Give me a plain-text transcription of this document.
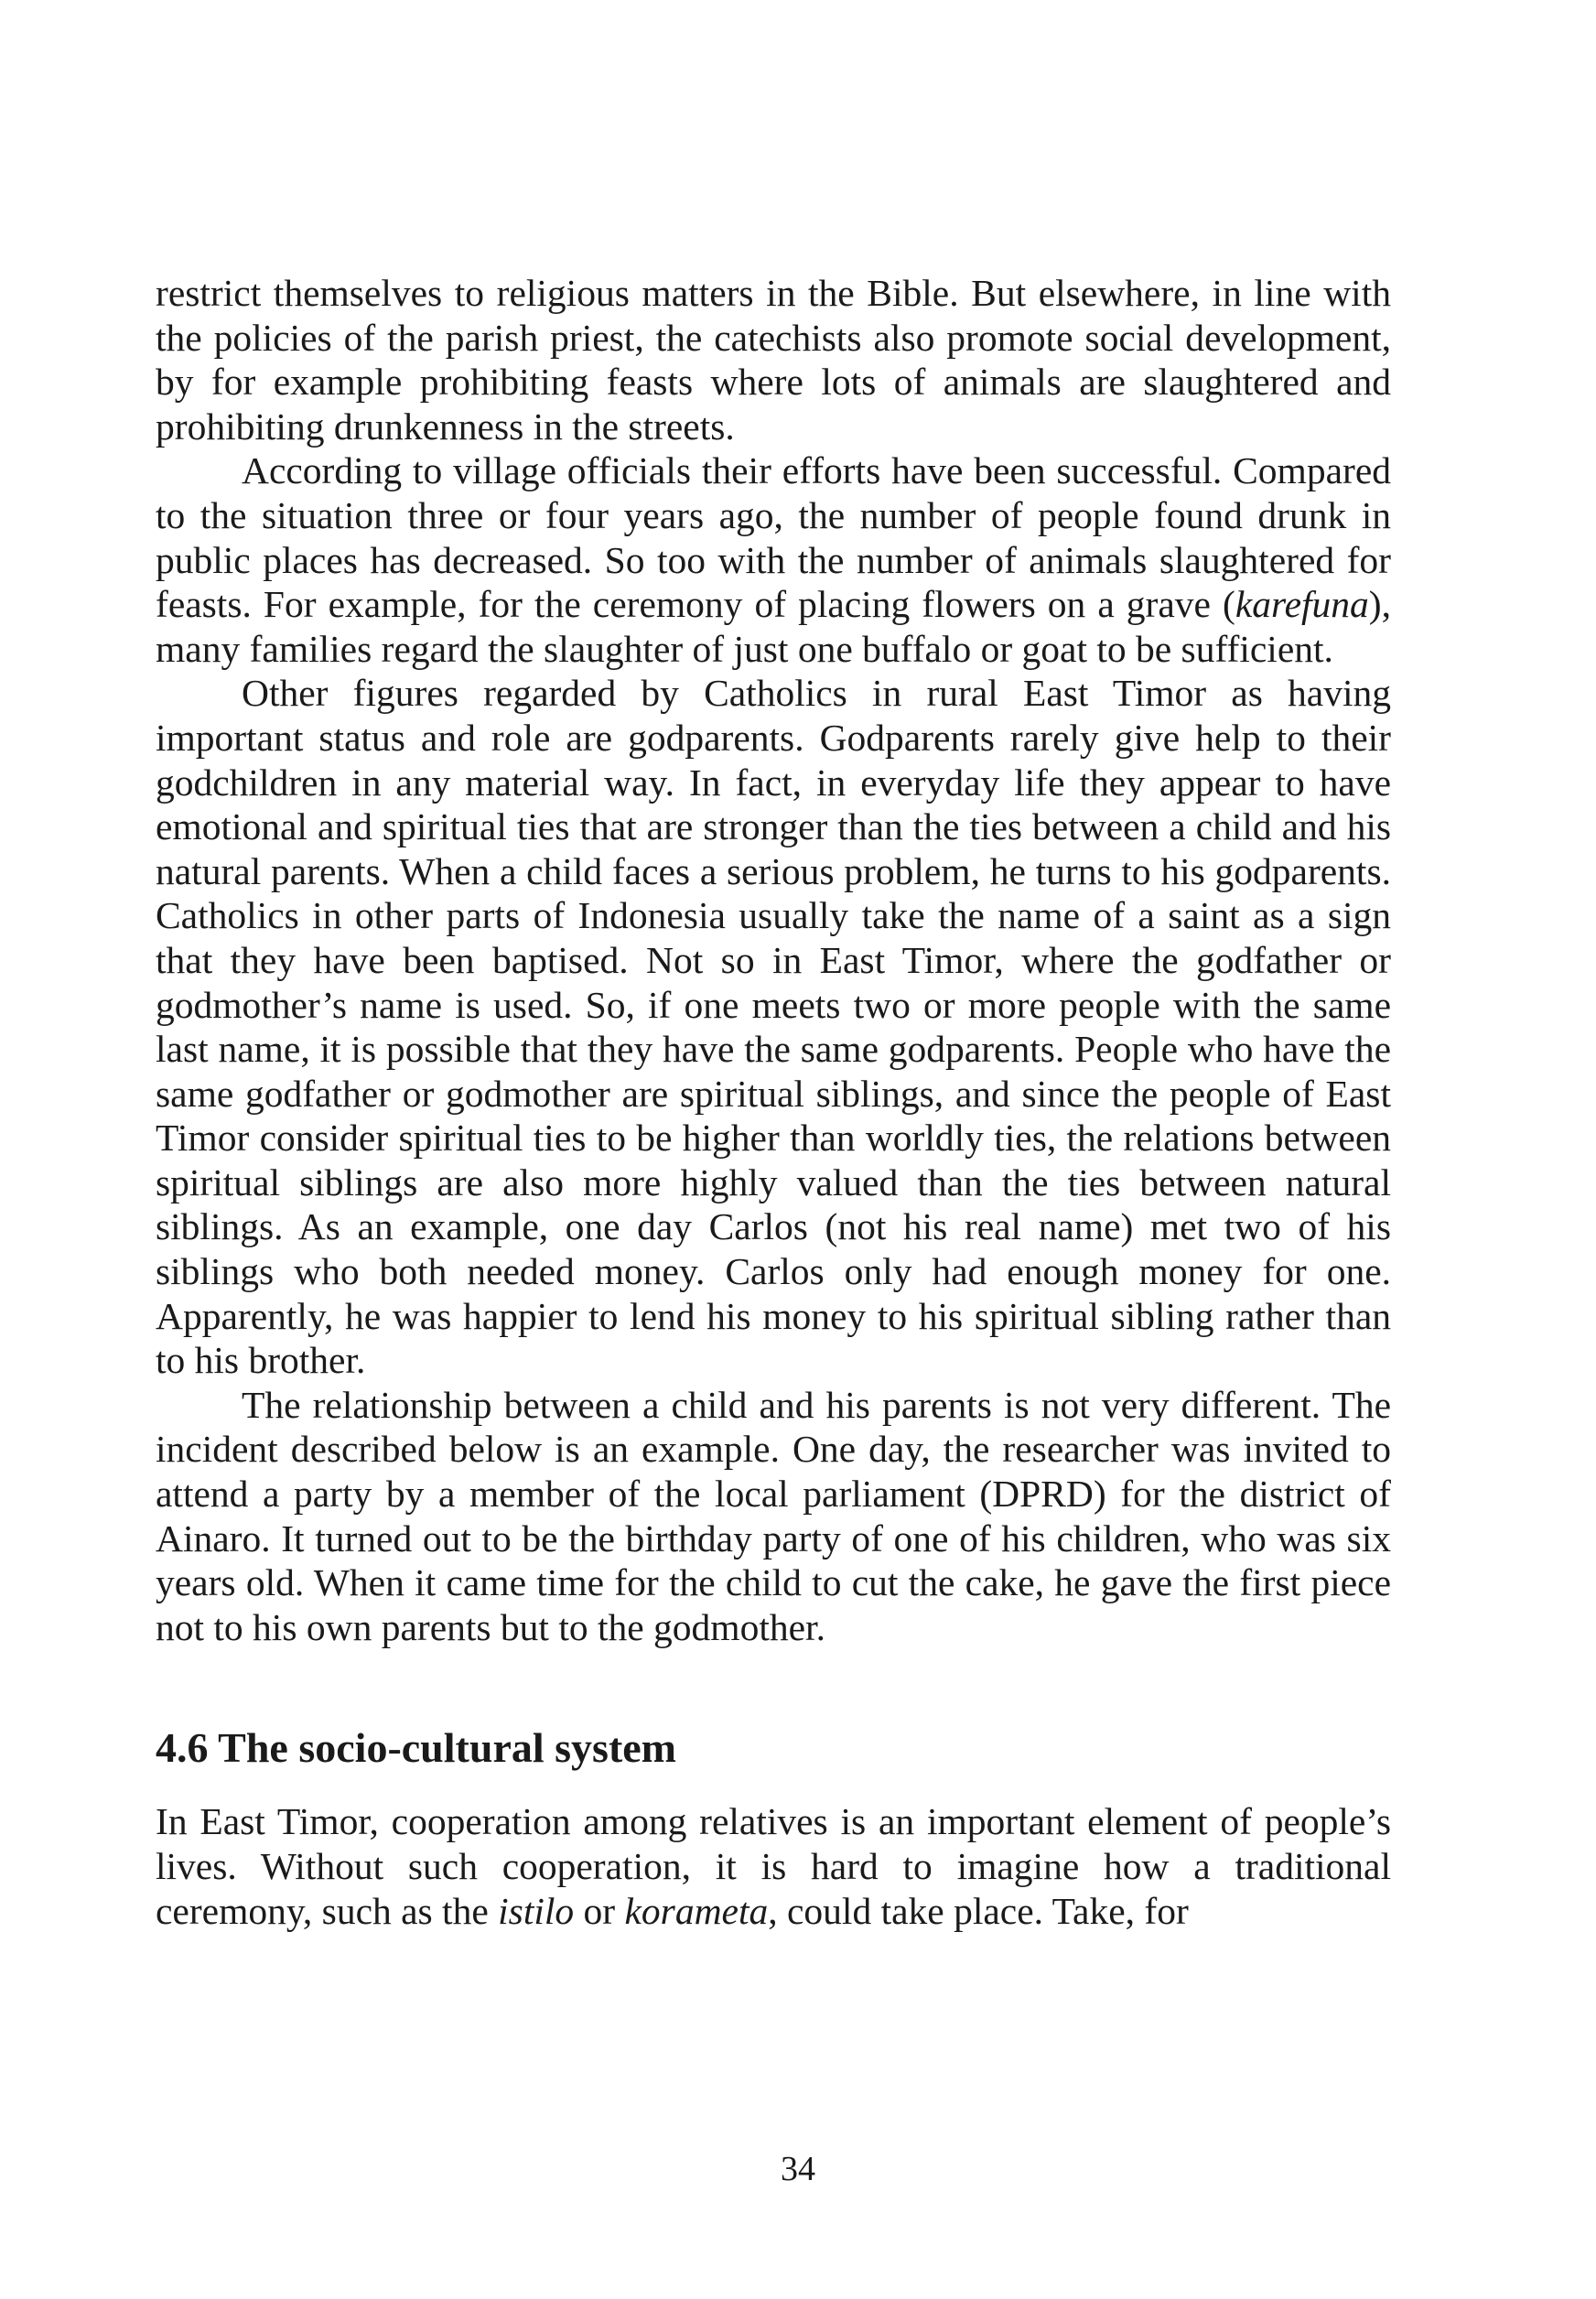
restrict themselves to religious matters in the Bible. But elsewhere, in line with the policies of the parish priest, the catechists also promote social development, by for example prohibiting feasts where lots of animals are slaughtered and prohibiting drunkenness in the streets.

According to village officials their efforts have been successful. Compared to the situation three or four years ago, the number of people found drunk in public places has decreased. So too with the number of animals slaughtered for feasts. For example, for the ceremony of placing flowers on a grave (karefuna), many families regard the slaughter of just one buffalo or goat to be sufficient.

Other figures regarded by Catholics in rural East Timor as having important status and role are godparents. Godparents rarely give help to their godchildren in any material way. In fact, in everyday life they appear to have emotional and spiritual ties that are stronger than the ties between a child and his natural parents. When a child faces a serious problem, he turns to his godparents. Catholics in other parts of Indonesia usually take the name of a saint as a sign that they have been baptised. Not so in East Timor, where the godfather or godmother’s name is used. So, if one meets two or more people with the same last name, it is possible that they have the same godparents. People who have the same godfather or godmother are spiritual siblings, and since the people of East Timor consider spiritual ties to be higher than worldly ties, the relations between spiritual siblings are also more highly valued than the ties between natural siblings. As an example, one day Carlos (not his real name) met two of his siblings who both needed money. Carlos only had enough money for one. Apparently, he was happier to lend his money to his spiritual sibling rather than to his brother.

The relationship between a child and his parents is not very different. The incident described below is an example. One day, the researcher was invited to attend a party by a member of the local parliament (DPRD) for the district of Ainaro. It turned out to be the birthday party of one of his children, who was six years old. When it came time for the child to cut the cake, he gave the first piece not to his own parents but to the godmother.

4.6 The socio-cultural system

In East Timor, cooperation among relatives is an important element of people’s lives. Without such cooperation, it is hard to imagine how a traditional ceremony, such as the istilo or korameta, could take place. Take, for

34
